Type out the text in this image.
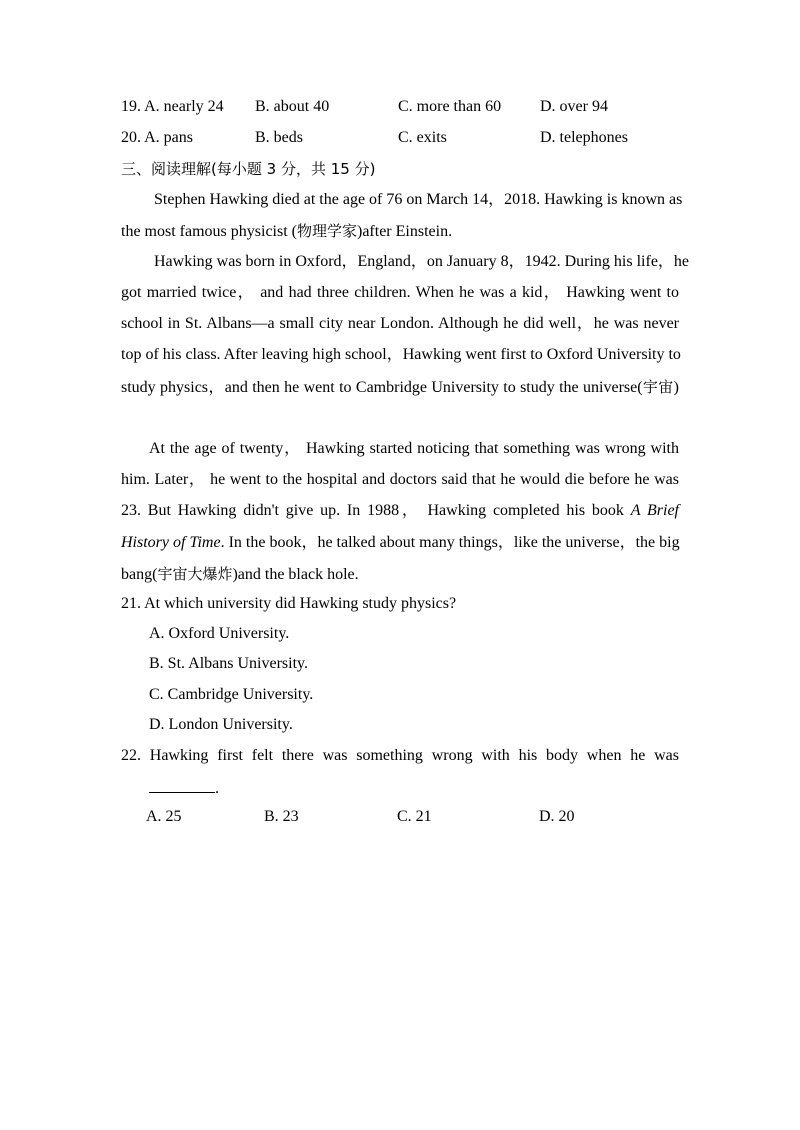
19. A. nearly 24 B. about 40	C. more than 60 D. over 94
20. A. pans	B. beds	C. exits	D. telephones
三、阅读理解(每小题 3 分，共 15 分)
Stephen Hawking died at the age of 76 on March 14，2018. Hawking is known as
the most famous physicist (物理学家)after Einstein.
Hawking was born in Oxford，England，on January 8，1942. During his life，he
got married twice， and had three children. When he was a kid， Hawking went to
school in St. Albans—a small city near London. Although he did well，he was never
top of his class. After leaving high school，Hawking went first to Oxford University to
study physics，and then he went to Cambridge University to study the universe(宇宙)
At the age of twenty， Hawking started noticing that something was wrong with
him. Later， he went to the hospital and doctors said that he would die before he was
23. But Hawking didn't give up. In 1988， Hawking completed his book A Brief
History of Time. In the book，he talked about many things，like the universe，the big
bang(宇宙大爆炸)and the black hole.
21. At which university did Hawking study physics?
A. Oxford University.
B. St. Albans University.
C. Cambridge University.
D. London University.
22. Hawking first felt there was something wrong with his body when he was
.
A. 25	B. 23	C. 21	D. 20
